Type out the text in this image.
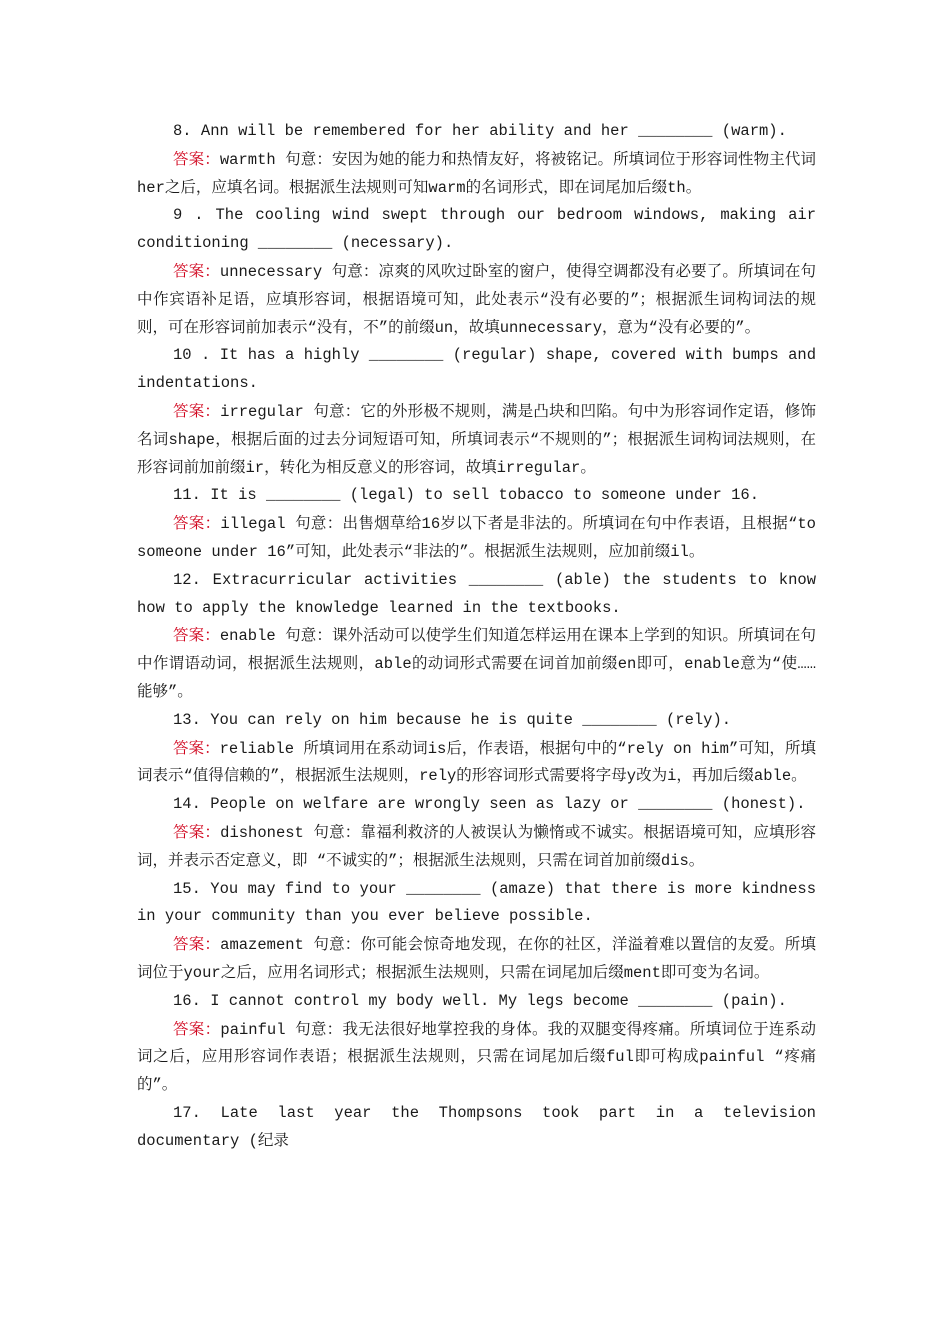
8. Ann will be remembered for her ability and her ________ (warm).

答案：warmth 句意：安因为她的能力和热情友好，将被铭记。所填词位于形容词性物主代词her之后，应填名词。根据派生法规则可知warm的名词形式，即在词尾加后缀th。

9 . The cooling wind swept through our bedroom windows, making air conditioning ________ (necessary).

答案：unnecessary 句意：凉爽的风吹过卧室的窗户，使得空调都没有必要了。所填词在句中作宾语补足语，应填形容词，根据语境可知，此处表示“没有必要的”；根据派生词构词法的规则，可在形容词前加表示“没有，不”的前缀un，故填unnecessary，意为“没有必要的”。

10 . It has a highly ________ (regular) shape, covered with bumps and indentations.

答案：irregular 句意：它的外形极不规则，满是凸块和凹陷。句中为形容词作定语，修饰名词shape，根据后面的过去分词短语可知，所填词表示“不规则的”；根据派生词构词法规则，在形容词前加前缀ir，转化为相反意义的形容词，故填irregular。

11. It is ________ (legal) to sell tobacco to someone under 16.

答案：illegal 句意：出售烟草给16岁以下者是非法的。所填词在句中作表语，且根据“to someone under 16”可知，此处表示“非法的”。根据派生法规则，应加前缀il。

12. Extracurricular activities ________ (able) the students to know how to apply the knowledge learned in the textbooks.

答案：enable 句意：课外活动可以使学生们知道怎样运用在课本上学到的知识。所填词在句中作谓语动词，根据派生法规则，able的动词形式需要在词首加前缀en即可，enable意为“使……能够”。

13. You can rely on him because he is quite ________ (rely).

答案：reliable 所填词用在系动词is后，作表语，根据句中的“rely on him”可知，所填词表示“值得信赖的”，根据派生法规则，rely的形容词形式需要将字母y改为i，再加后缀able。

14. People on welfare are wrongly seen as lazy or ________ (honest).

答案：dishonest 句意：靠福利救济的人被误认为懒惰或不诚实。根据语境可知，应填形容词，并表示否定意义，即 “不诚实的”；根据派生法规则，只需在词首加前缀dis。

15. You may find to your ________ (amaze) that there is more kindness in your community than you ever believe possible.

答案：amazement 句意：你可能会惊奇地发现，在你的社区，洋溢着难以置信的友爱。所填词位于your之后，应用名词形式；根据派生法规则，只需在词尾加后缀ment即可变为名词。

16. I cannot control my body well. My legs become ________ (pain).

答案：painful 句意：我无法很好地掌控我的身体。我的双腿变得疼痛。所填词位于连系动词之后，应用形容词作表语；根据派生法规则，只需在词尾加后缀ful即可构成painful “疼痛的”。

17. Late last year the Thompsons took part in a television documentary (纪录
